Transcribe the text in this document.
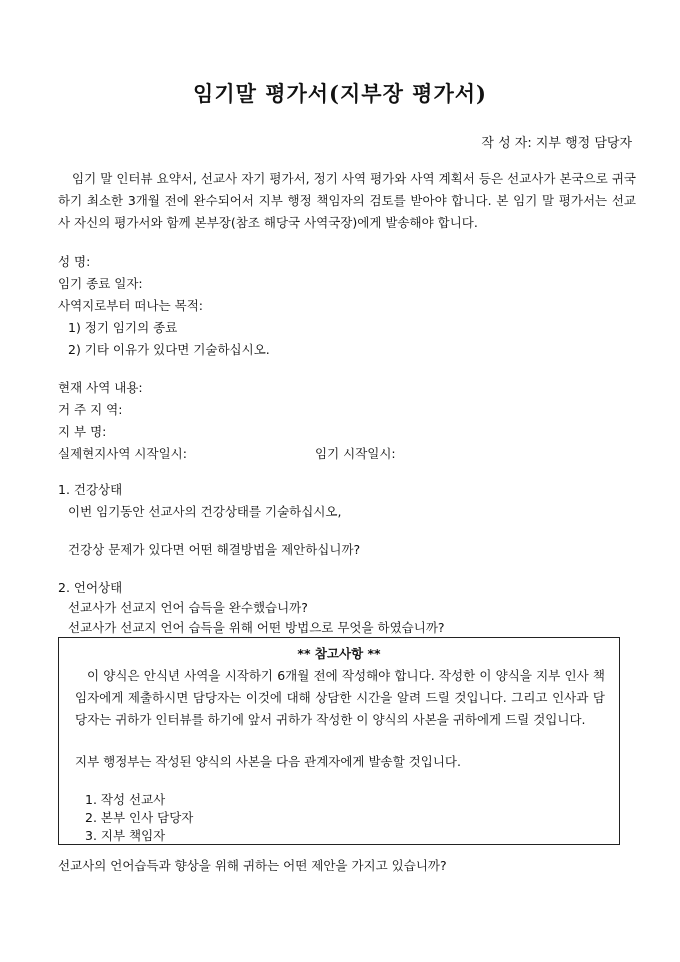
임기말 평가서(지부장 평가서)
작 성 자: 지부 행정 담당자
임기 말 인터뷰 요약서, 선교사 자기 평가서, 정기 사역 평가와 사역 계획서 등은 선교사가 본국으로 귀국하기 최소한 3개월 전에 완수되어서 지부 행정 책임자의 검토를 받아야 합니다. 본 임기 말 평가서는 선교사 자신의 평가서와 함께 본부장(참조 해당국 사역국장)에게 발송해야 합니다.
성 명:
임기 종료 일자:
사역지로부터 떠나는 목적:
1) 정기 임기의 종료
2) 기타 이유가 있다면 기술하십시오.
현재 사역 내용:
거 주 지 역:
지 부 명:
실제현지사역 시작일시:	임기 시작일시:
1. 건강상태
이번 임기동안 선교사의 건강상태를 기술하십시오,
건강상 문제가 있다면 어떤 해결방법을 제안하십니까?
2. 언어상태
선교사가 선교지 언어 습득을 완수했습니까?
선교사가 선교지 언어 습득을 위해 어떤 방법으로 무엇을 하였습니까?
** 참고사항 **
이 양식은 안식년 사역을 시작하기 6개월 전에 작성해야 합니다. 작성한 이 양식을 지부 인사 책임자에게 제출하시면 담당자는 이것에 대해 상담한 시간을 알려 드릴 것입니다. 그리고 인사과 담당자는 귀하가 인터뷰를 하기에 앞서 귀하가 작성한 이 양식의 사본을 귀하에게 드릴 것입니다.
지부 행정부는 작성된 양식의 사본을 다음 관계자에게 발송할 것입니다.
1. 작성 선교사
2. 본부 인사 담당자
3. 지부 책임자
선교사의 언어습득과 향상을 위해 귀하는 어떤 제안을 가지고 있습니까?
